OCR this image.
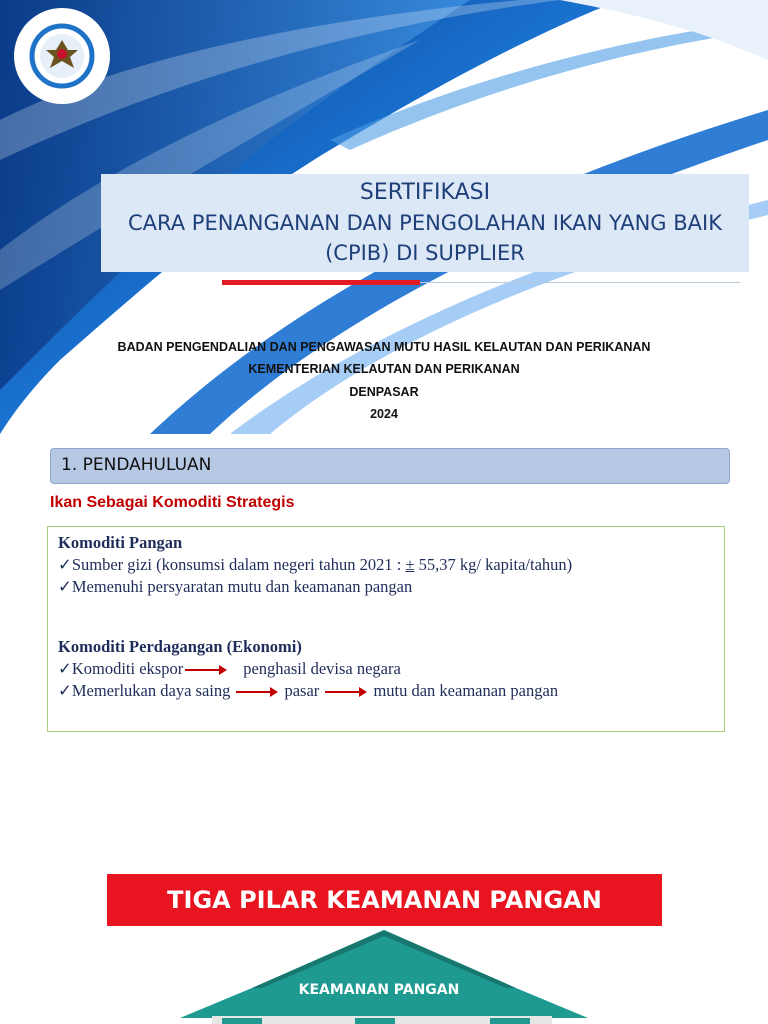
SERTIFIKASI
CARA PENANGANAN DAN PENGOLAHAN IKAN YANG BAIK (CPIB) DI SUPPLIER
BADAN PENGENDALIAN DAN PENGAWASAN MUTU HASIL KELAUTAN DAN PERIKANAN
KEMENTERIAN KELAUTAN DAN PERIKANAN
DENPASAR
2024
1. PENDAHULUAN
Ikan Sebagai Komoditi Strategis
Komoditi Pangan
✓Sumber gizi (konsumsi dalam negeri tahun 2021 : ± 55,37 kg/ kapita/tahun)
✓Memenuhi persyaratan mutu dan keamanan pangan
Komoditi Perdagangan (Ekonomi)
✓Komoditi ekspor	penghasil devisa negara
✓Memerlukan daya saing	pasar	mutu dan keamanan pangan
TIGA PILAR KEAMANAN PANGAN
KEAMANAN PANGAN
